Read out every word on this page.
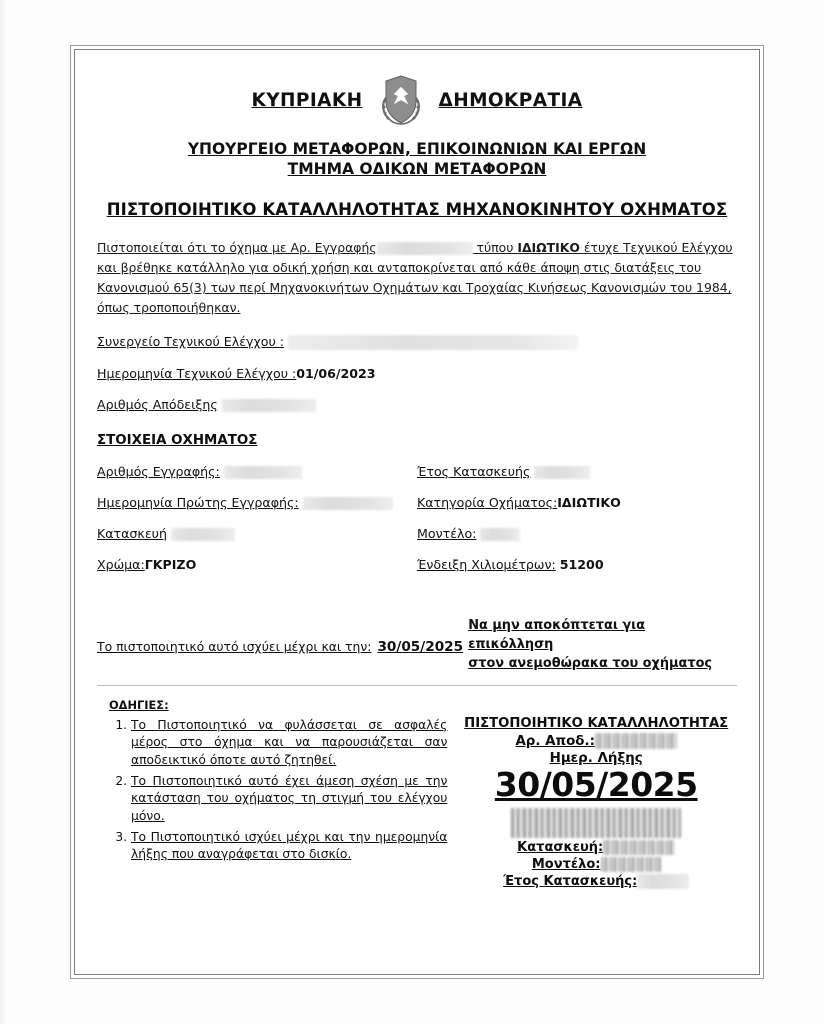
ΚΥΠΡΙΑΚΗ	ΔΗΜΟΚΡΑΤΙΑ
ΥΠΟΥΡΓΕΙΟ ΜΕΤΑΦΟΡΩΝ, ΕΠΙΚΟΙΝΩΝΙΩΝ ΚΑΙ ΕΡΓΩΝ
ΤΜΗΜΑ ΟΔΙΚΩΝ ΜΕΤΑΦΟΡΩΝ
ΠΙΣΤΟΠΟΙΗΤΙΚΟ ΚΑΤΑΛΛΗΛΟΤΗΤΑΣ ΜΗΧΑΝΟΚΙΝΗΤΟΥ ΟΧΗΜΑΤΟΣ
Πιστοποιείται ότι το όχημα με Αρ. Εγγραφής	τύπου ΙΔΙΩΤΙΚΟ έτυχε Τεχνικού Ελέγχου και βρέθηκε κατάλληλο για οδική χρήση και ανταποκρίνεται από κάθε άποψη στις διατάξεις του Κανονισμού 65(3) των περί Μηχανοκινήτων Οχημάτων και Τροχαίας Κινήσεως Κανονισμών του 1984, όπως τροποποιήθηκαν.
Συνεργείο Τεχνικού Ελέγχου :
Ημερομηνία Τεχνικού Ελέγχου :01/06/2023
Αριθμός Απόδειξης
ΣΤΟΙΧΕΙΑ ΟΧΗΜΑΤΟΣ
Αριθμός Εγγραφής:	Έτος Κατασκευής
Ημερομηνία Πρώτης Εγγραφής:	Κατηγορία Οχήματος:ΙΔΙΩΤΙΚΟ
Κατασκευή	Μοντέλο:
Χρώμα:ΓΚΡΙΖΟ	Ένδειξη Χιλιομέτρων: 51200
Το πιστοποιητικό αυτό ισχύει μέχρι και την: 30/05/2025
Να μην αποκόπτεται για
επικόλληση
στον ανεμοθώρακα του οχήματος
ΟΔΗΓΙΕΣ:
1. Το Πιστοποιητικό να φυλάσσεται σε ασφαλές μέρος στο όχημα και να παρουσιάζεται σαν αποδεικτικό όποτε αυτό ζητηθεί.
2. Το Πιστοποιητικό αυτό έχει άμεση σχέση με την κατάσταση του οχήματος τη στιγμή του ελέγχου μόνο.
3. Το Πιστοποιητικό ισχύει μέχρι και την ημερομηνία λήξης που αναγράφεται στο δισκίο.
ΠΙΣΤΟΠΟΙΗΤΙΚΟ ΚΑΤΑΛΛΗΛΟΤΗΤΑΣ
Αρ. Αποδ.:
Ημερ. Λήξης
30/05/2025
Κατασκευή:
Μοντέλο:
Έτος Κατασκευής:
